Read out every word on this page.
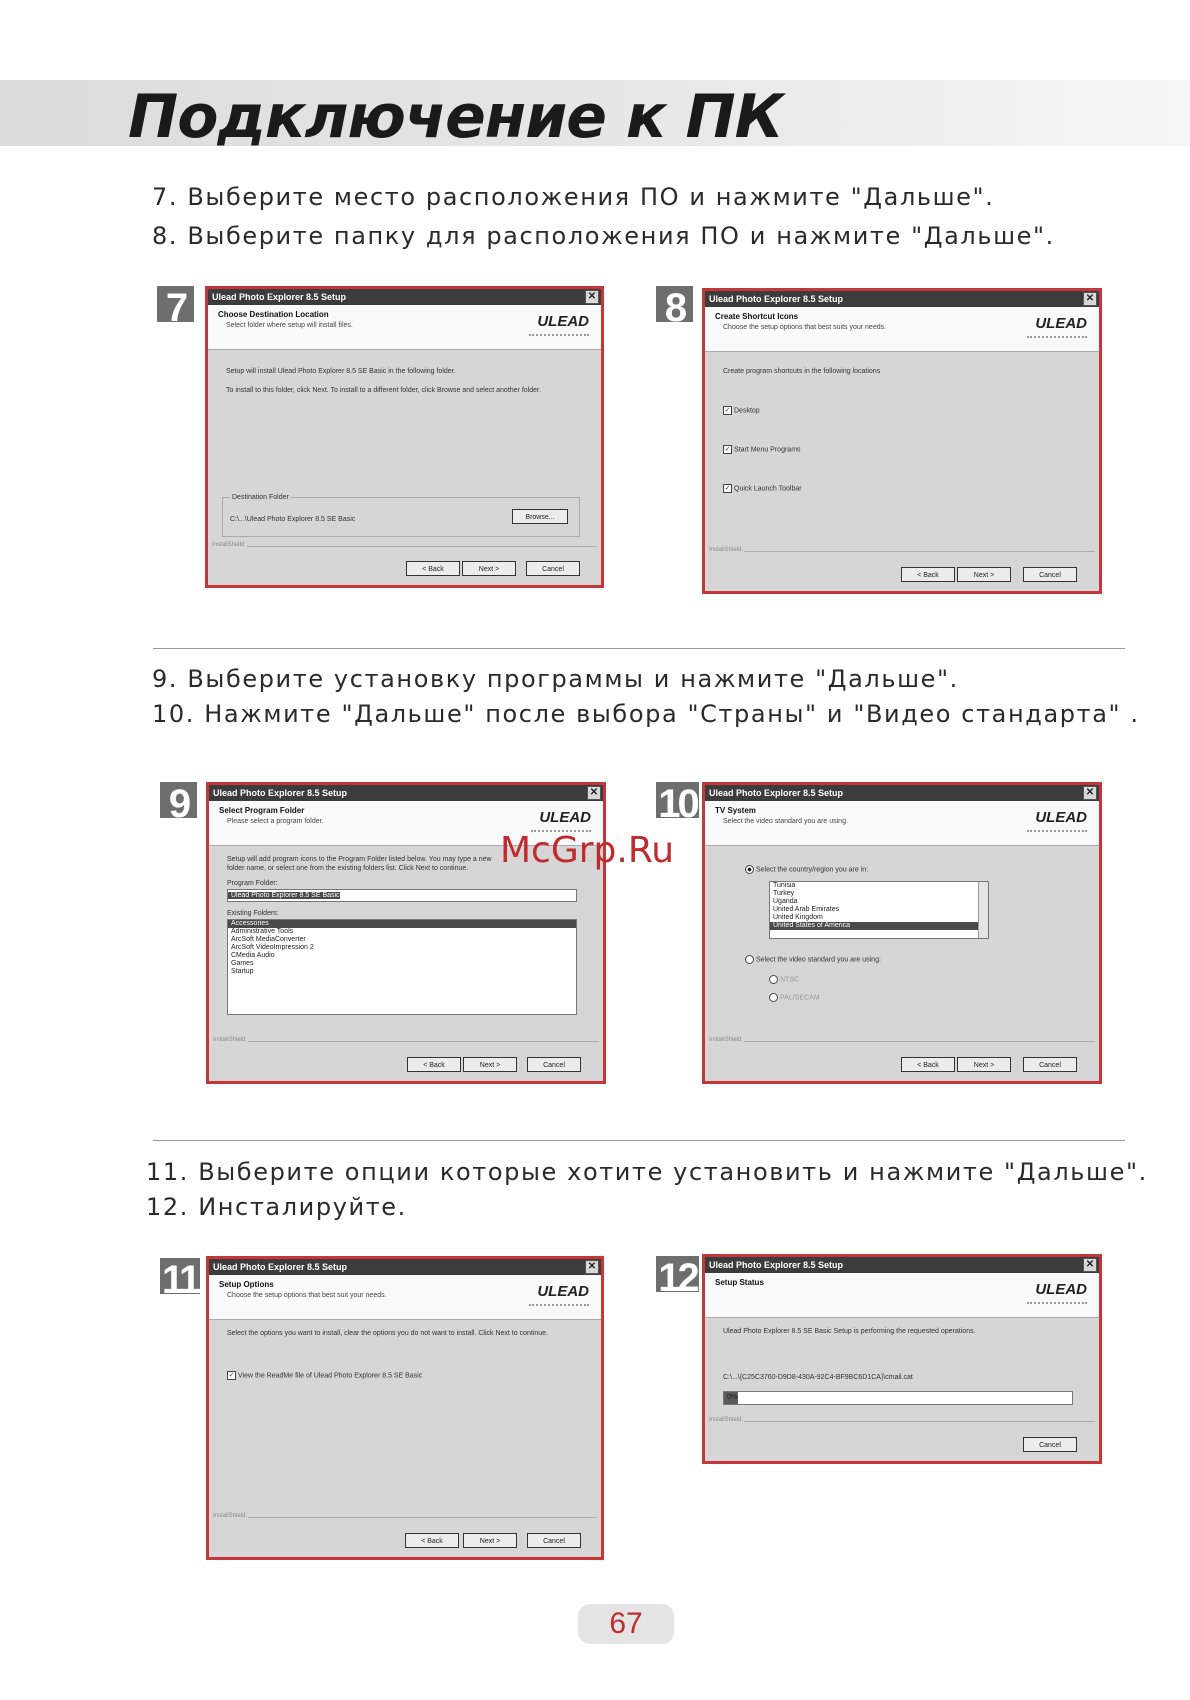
Подключение к ПК
7. Выберите место расположения ПО и нажмите "Дальше".
8. Выберите папку для расположения ПО и нажмите "Дальше".
7	Ulead Photo Explorer 8.5 Setup	✕
Choose Destination Location
Select folder where setup will install files.	ULEAD
Setup will install Ulead Photo Explorer 8.5 SE Basic in the following folder.
To install to this folder, click Next. To install to a different folder, click Browse and select another folder.
Destination Folder
C:\...\Ulead Photo Explorer 8.5 SE Basic	Browse...
InstallShield
< Back	Next >	Cancel
8	Ulead Photo Explorer 8.5 Setup	✕
Create Shortcut Icons
Choose the setup options that best suits your needs.	ULEAD
Create program shortcuts in the following locations
✓ Desktop
✓ Start Menu Programs
✓ Quick Launch Toolbar
InstallShield
< Back	Next >	Cancel
9. Выберите установку программы и нажмите "Дальше".
10. Нажмите "Дальше" после выбора "Страны" и "Видео стандарта" .
9	Ulead Photo Explorer 8.5 Setup	✕
Select Program Folder
Please select a program folder.	ULEAD
Setup will add program icons to the Program Folder listed below. You may type a new folder name, or select one from the existing folders list. Click Next to continue.
Program Folder:
Ulead Photo Explorer 8.5 SE Basic
Existing Folders:
Accessories
Administrative Tools
ArcSoft MediaConverter
ArcSoft VideoImpression 2
CMedia Audio
Games
Startup
InstallShield
< Back	Next >	Cancel
10	Ulead Photo Explorer 8.5 Setup	✕
TV System
Select the video standard you are using.	ULEAD
Select the country/region you are in:
Tunisia
Turkey
Uganda
United Arab Emirates
United Kingdom
United States of America
Select the video standard you are using:
NTSC
PAL/SECAM
InstallShield
< Back	Next >	Cancel
McGrp.Ru
11. Выберите опции которые хотите установить и нажмите "Дальше".
12. Инсталируйте.
11	Ulead Photo Explorer 8.5 Setup	✕
Setup Options
Choose the setup options that best suit your needs.	ULEAD
Select the options you want to install, clear the options you do not want to install. Click Next to continue.
✓ View the ReadMe file of Ulead Photo Explorer 8.5 SE Basic
InstallShield
< Back	Next >	Cancel
12	Ulead Photo Explorer 8.5 Setup	✕
Setup Status	ULEAD
Ulead Photo Explorer 8.5 SE Basic Setup is performing the requested operations.
C:\...\{C25C3760-D9D8-430A-92C4-BF9BC6D1CA}\cmail.cat
0%
InstallShield
Cancel
67
